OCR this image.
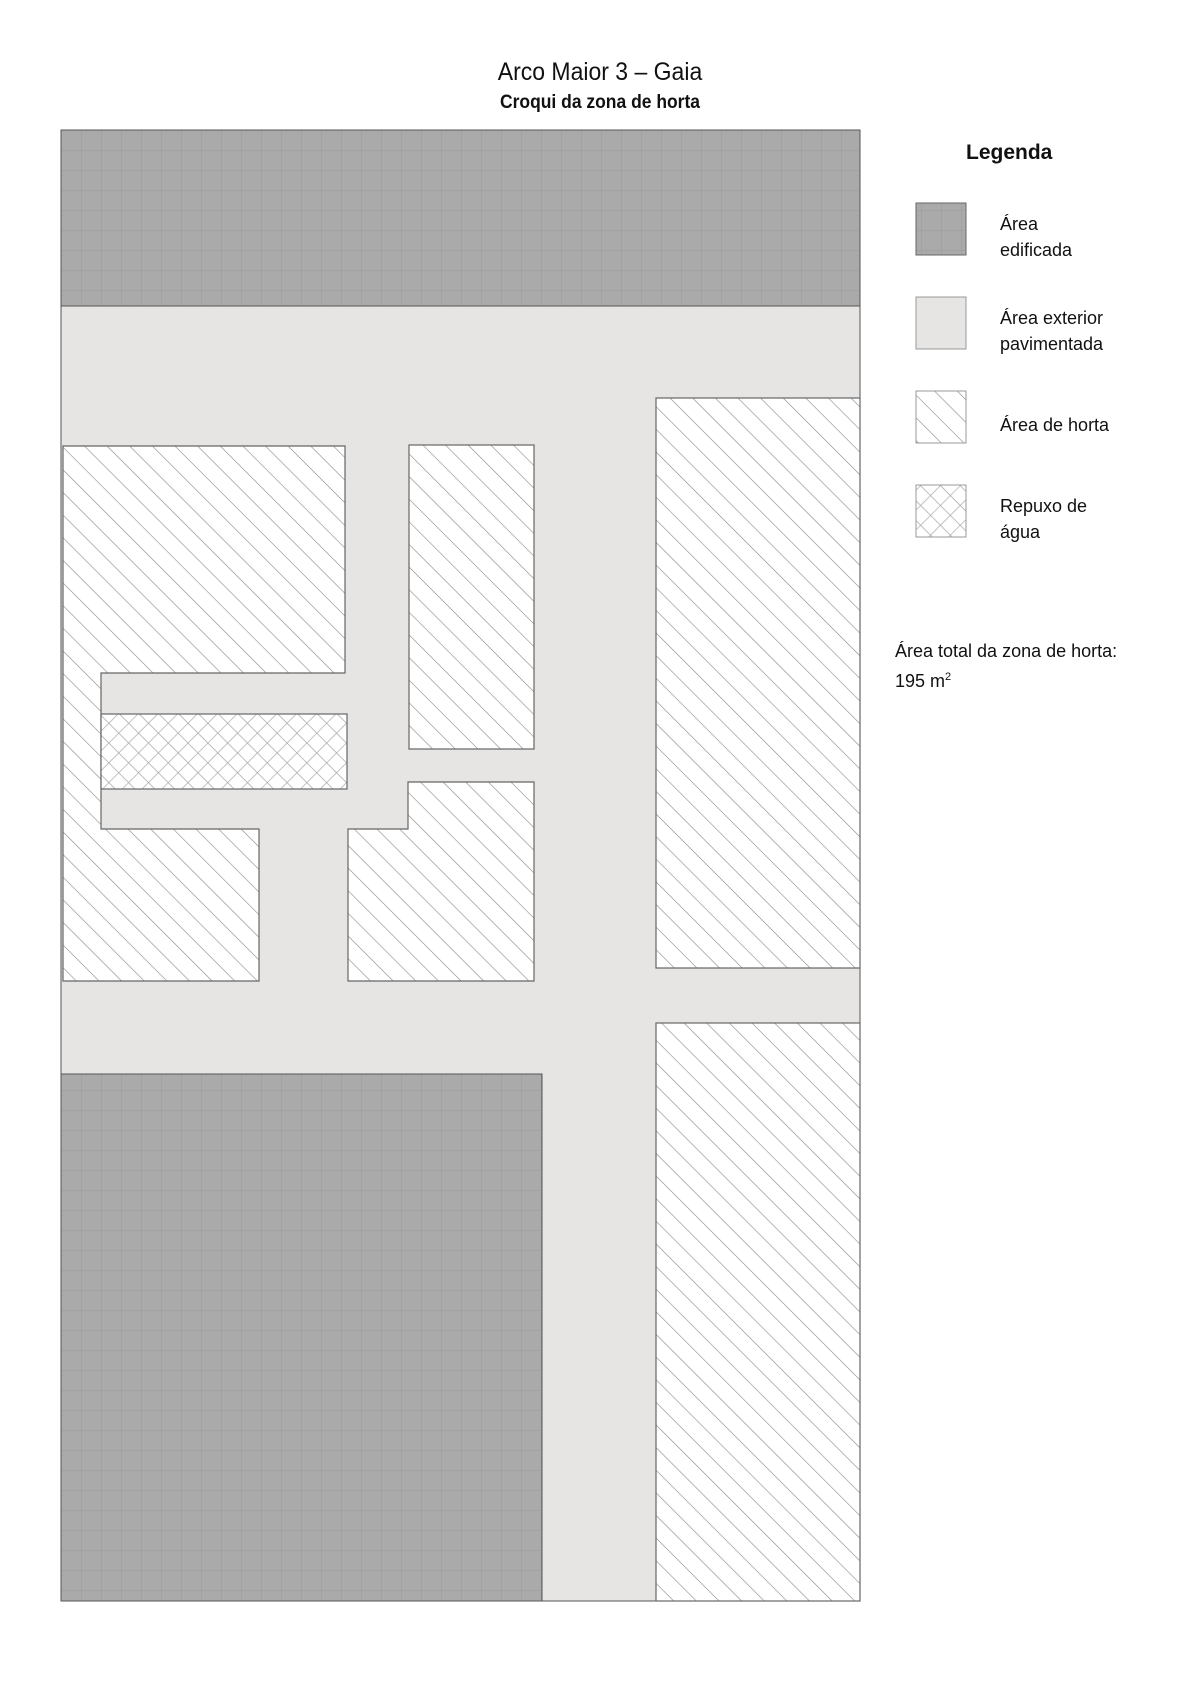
Arco Maior 3 – Gaia
Croqui da zona de horta
Legenda
Área
edificada
Área exterior
pavimentada
Área de horta
Repuxo de
água
Área total da zona de horta:
195 $m^2$
